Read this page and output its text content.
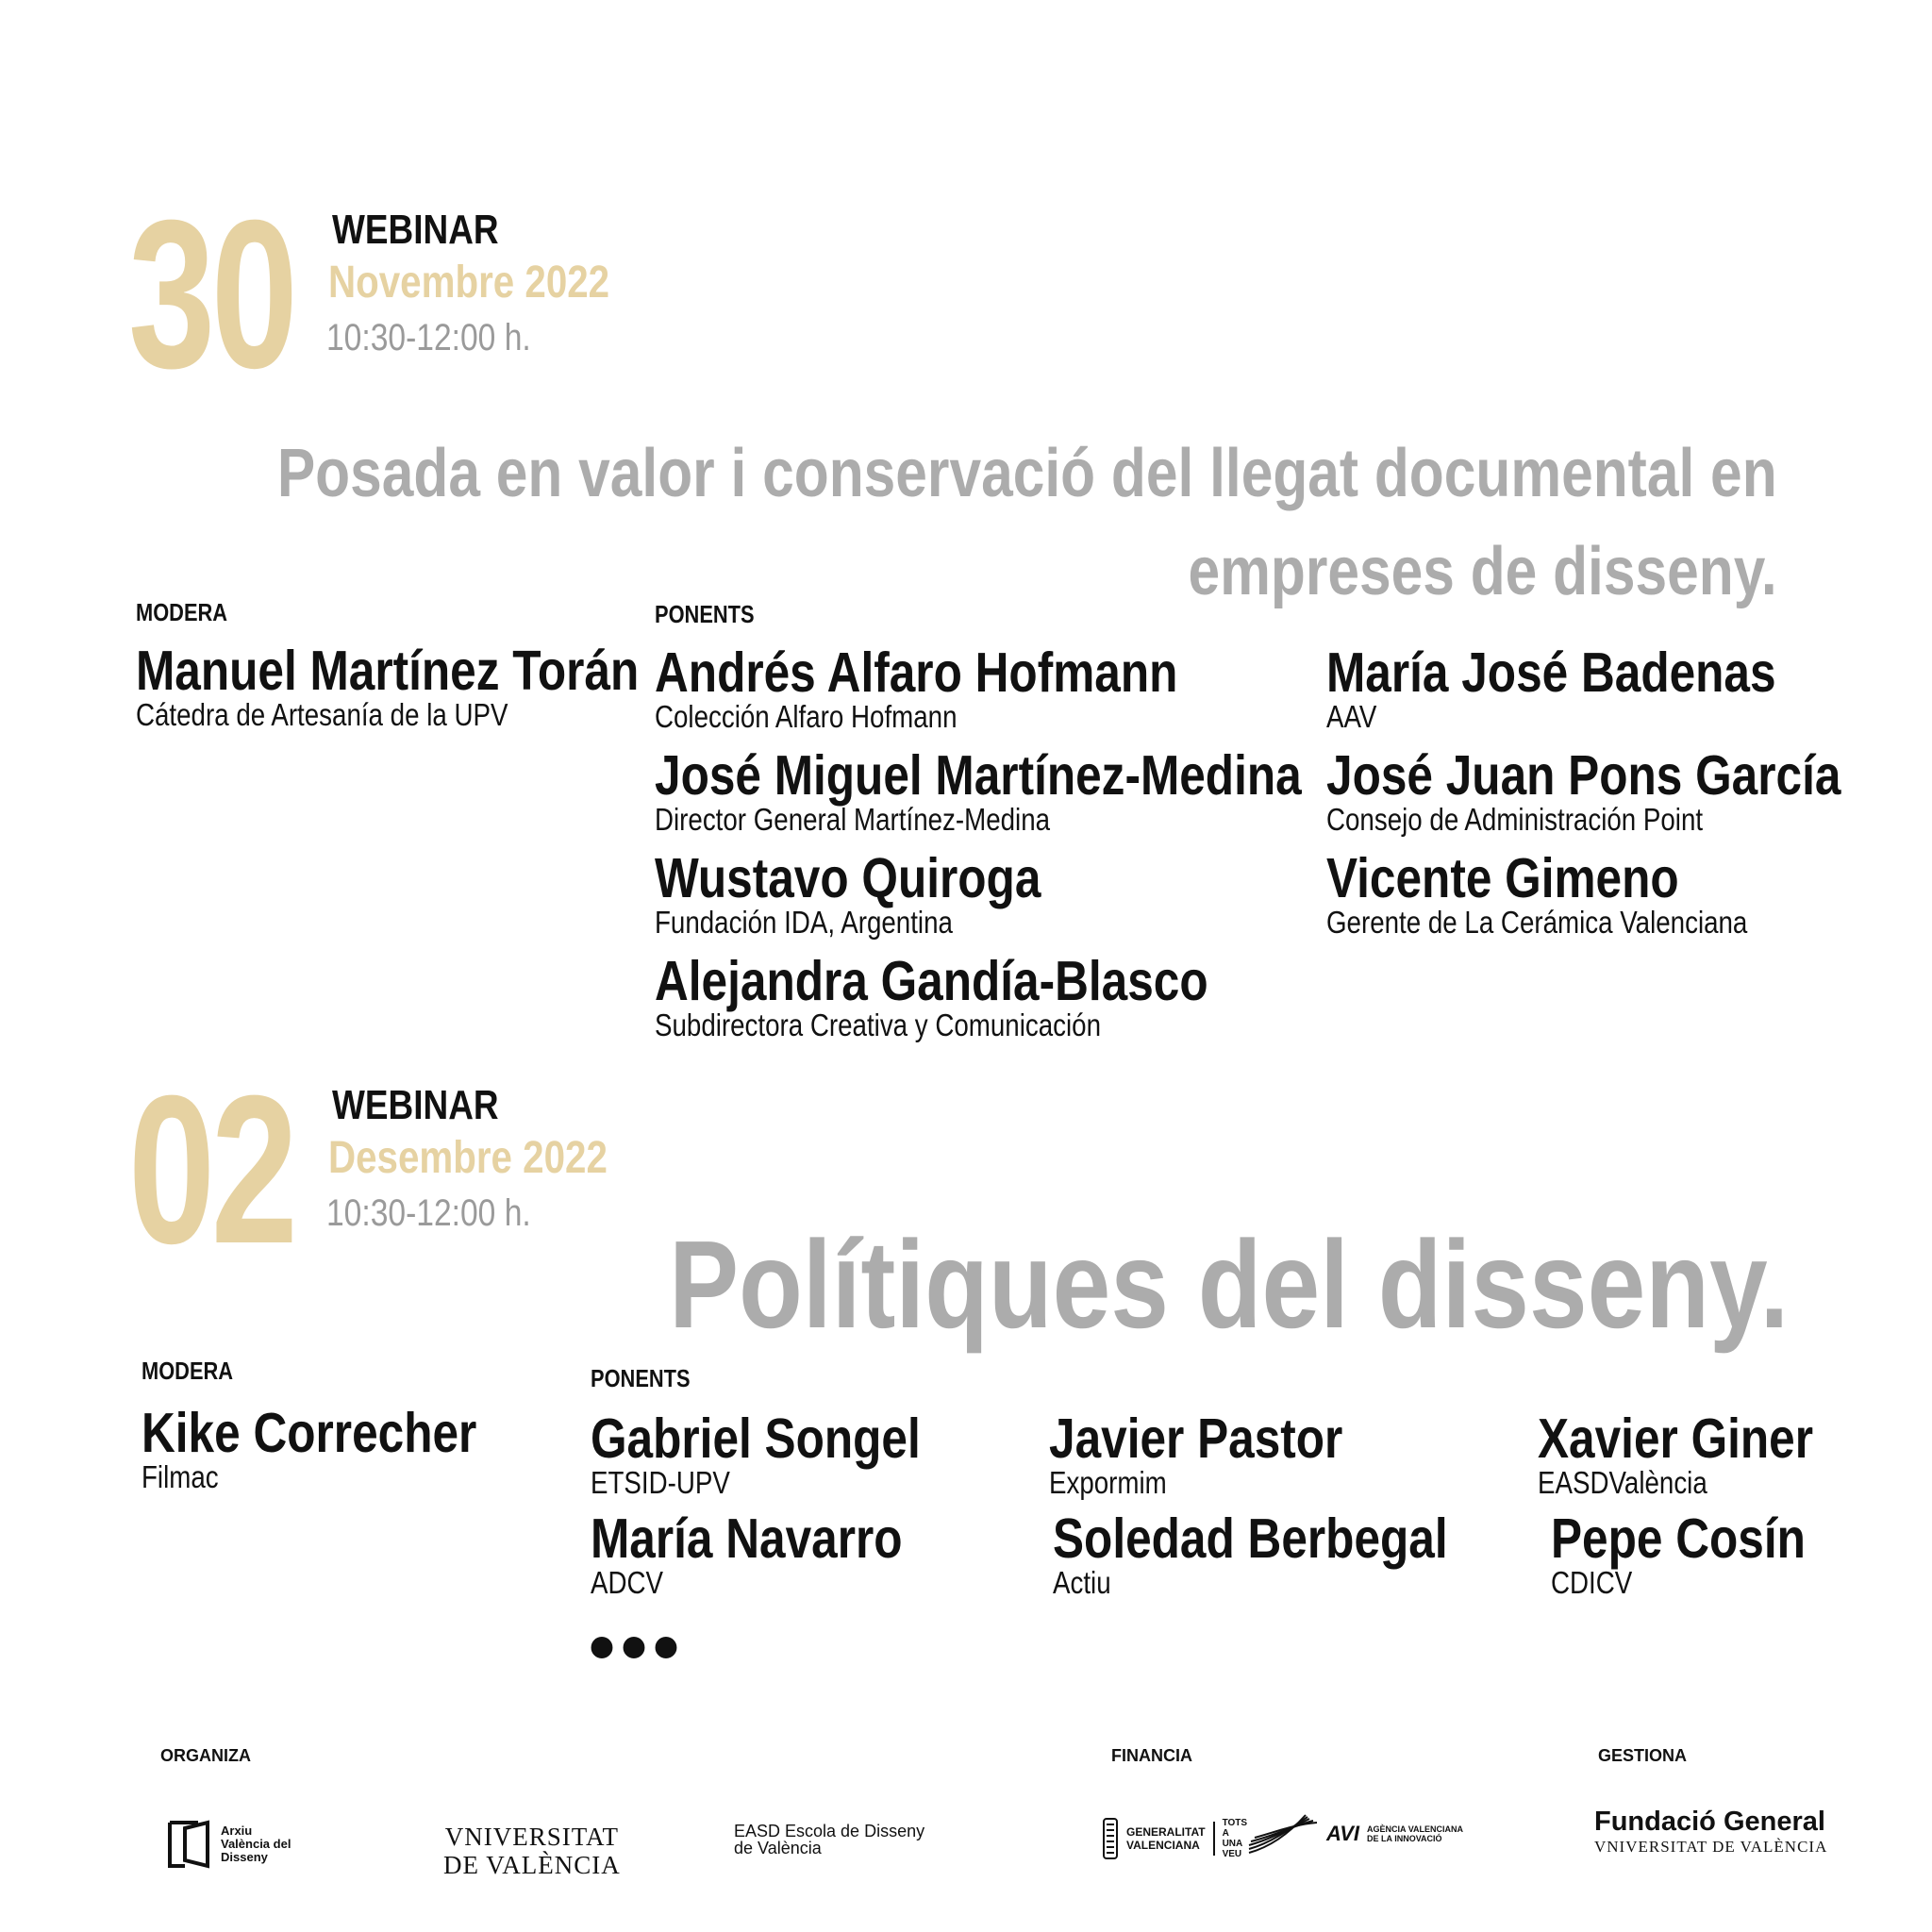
30 WEBINAR
Novembre 2022
10:30-12:00 h.
Posada en valor i conservació del llegat documental en
empreses de disseny.
MODERA
Manuel Martínez Torán
Cátedra de Artesanía de la UPV
PONENTS
Andrés Alfaro Hofmann
Colección Alfaro Hofmann
José Miguel Martínez-Medina
Director General Martínez-Medina
Wustavo Quiroga
Fundación IDA, Argentina
Alejandra Gandía-Blasco
Subdirectora Creativa y Comunicación
María José Badenas
AAV
José Juan Pons García
Consejo de Administración Point
Vicente Gimeno
Gerente de La Cerámica Valenciana
02 WEBINAR
Desembre 2022
10:30-12:00 h.
Polítiques del disseny.
MODERA
Kike Correcher
Filmac
PONENTS
Gabriel Songel
ETSID-UPV
Javier Pastor
Expormim
Xavier Giner
EASDValència
María Navarro
ADCV
Soledad Berbegal
Actiu
Pepe Cosín
CDICV
•••
ORGANIZA	FINANCIA	GESTIONA
Arxiu València del Disseny
VNIVERSITAT
DE VALÈNCIA
EASD Escola de Disseny
de València
GENERALITAT
VALENCIANA
TOTS A UNA VEU
AVI AGÈNCIA VALENCIANA
DE LA INNOVACIÓ
Fundació General
VNIVERSITAT DE VALÈNCIA
